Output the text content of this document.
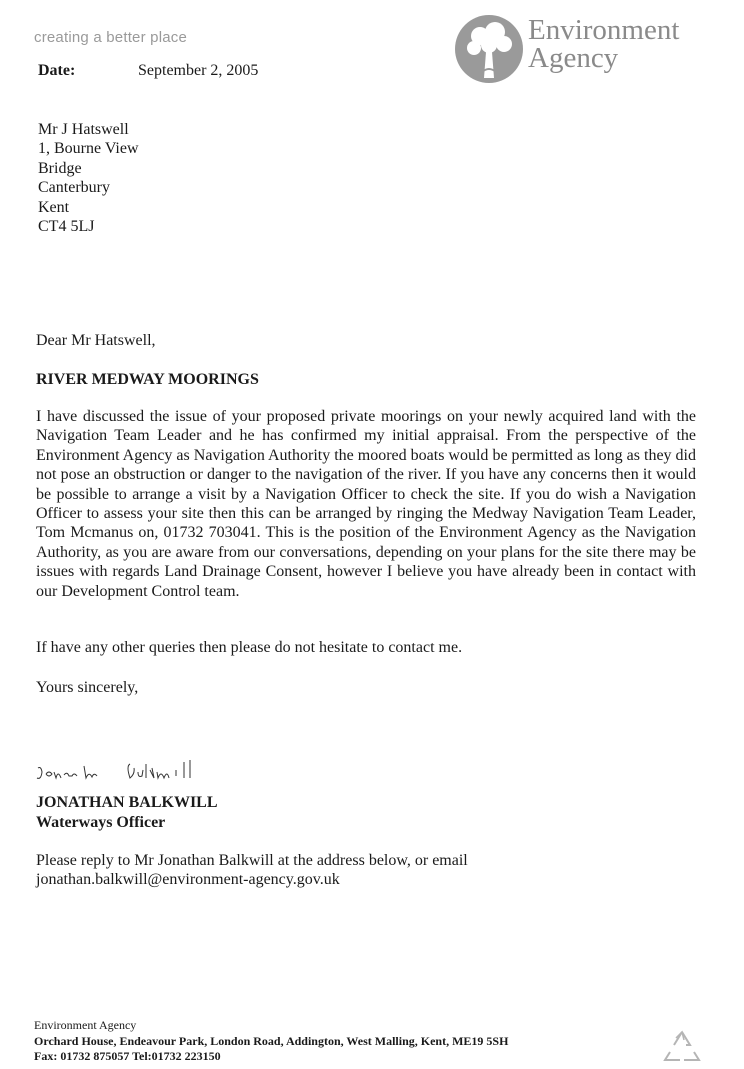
creating a better place	Environment
Agency
Date:	September 2, 2005
Mr J Hatswell
1, Bourne View
Bridge
Canterbury
Kent
CT4 5LJ
Dear Mr Hatswell,
RIVER MEDWAY MOORINGS

I have discussed the issue of your proposed private moorings on your newly acquired land with the Navigation Team Leader and he has confirmed my initial appraisal. From the perspective of the Environment Agency as Navigation Authority the moored boats would be permitted as long as they did not pose an obstruction or danger to the navigation of the river. If you have any concerns then it would be possible to arrange a visit by a Navigation Officer to check the site. If you do wish a Navigation Officer to assess your site then this can be arranged by ringing the Medway Navigation Team Leader, Tom Mcmanus on, 01732 703041. This is the position of the Environment Agency as the Navigation Authority, as you are aware from our conversations, depending on your plans for the site there may be issues with regards Land Drainage Consent, however I believe you have already been in contact with our Development Control team.

If have any other queries then please do not hesitate to contact me.
Yours sincerely,
JONATHAN BALKWILL
Waterways Officer
Please reply to Mr Jonathan Balkwill at the address below, or email
jonathan.balkwill@environment-agency.gov.uk
Environment Agency
Orchard House, Endeavour Park, London Road, Addington, West Malling, Kent, ME19 5SH
Fax: 01732 875057 Tel:01732 223150
